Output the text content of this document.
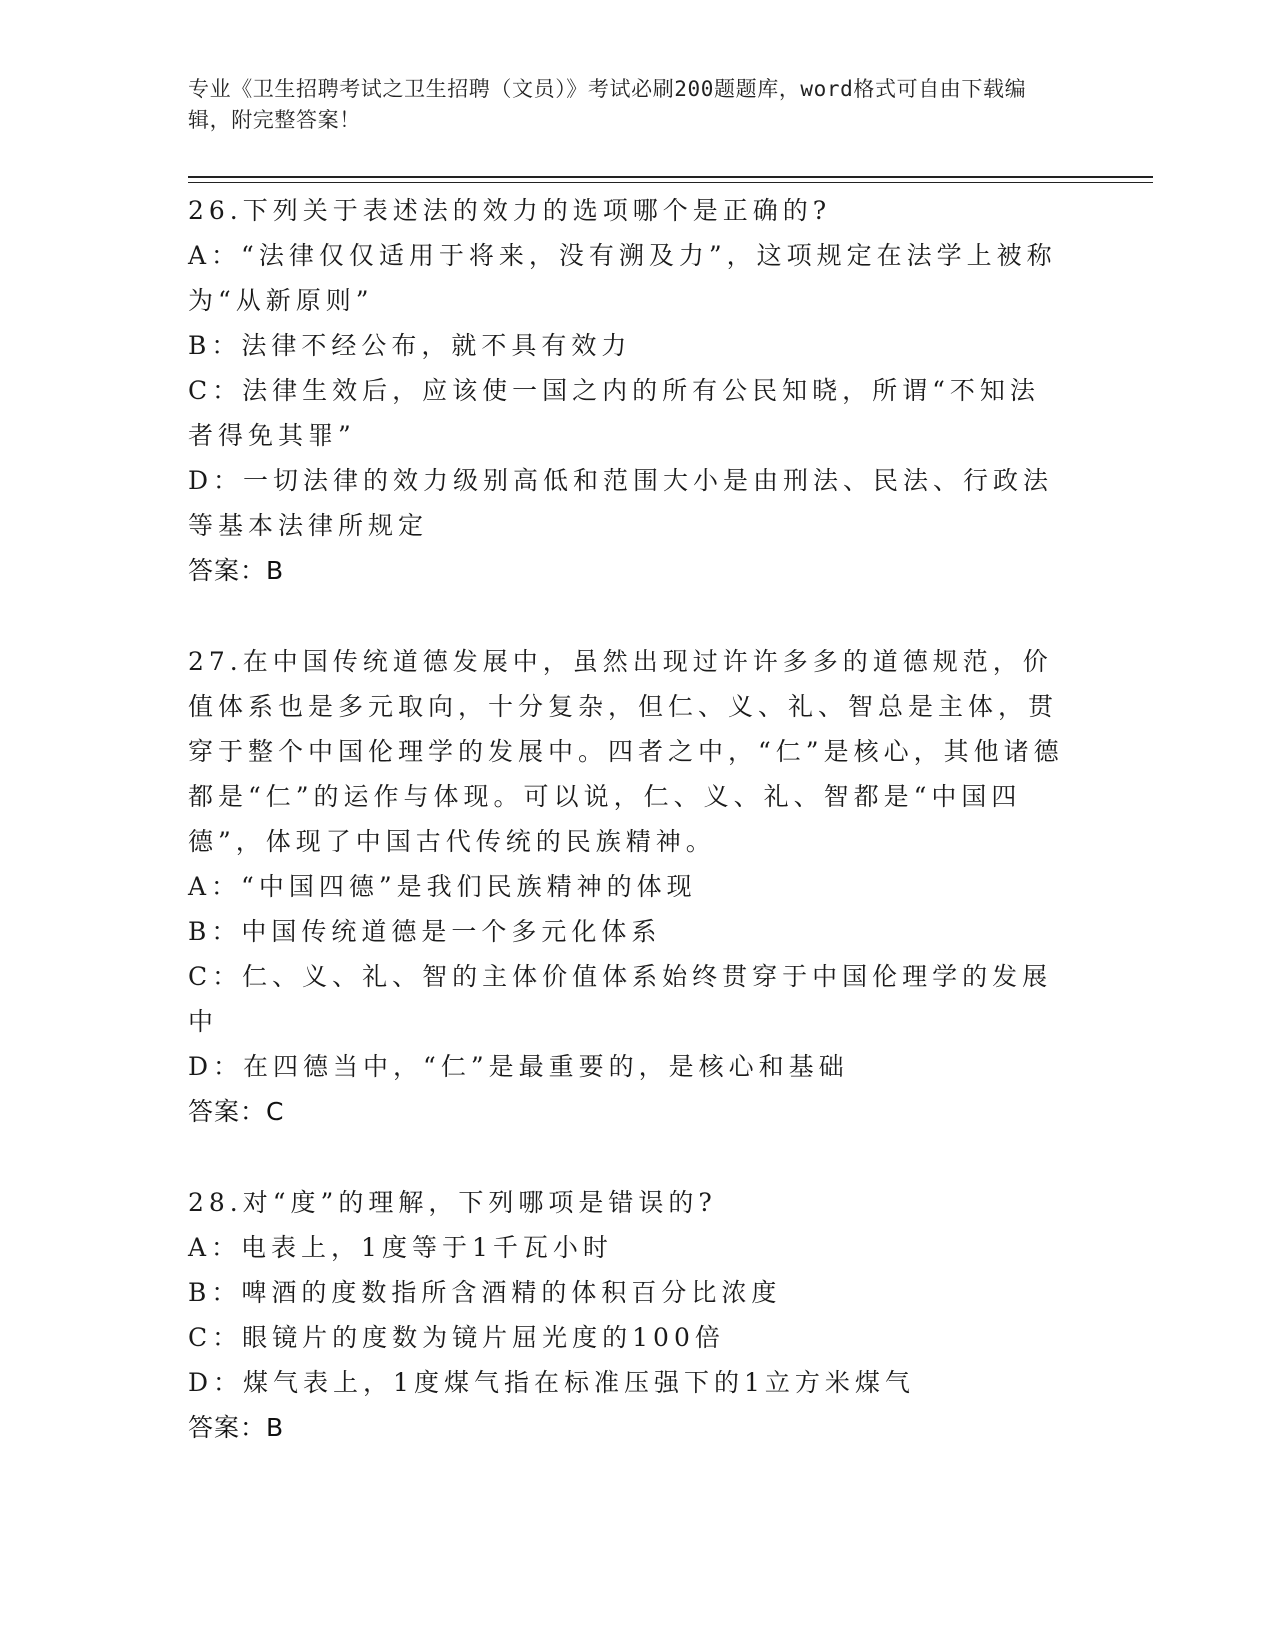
专业《卫生招聘考试之卫生招聘（文员）》考试必刷200题题库，word格式可自由下载编辑，附完整答案！
26.下列关于表述法的效力的选项哪个是正确的?
A：“法律仅仅适用于将来，没有溯及力”，这项规定在法学上被称为“从新原则”
B：法律不经公布，就不具有效力
C：法律生效后，应该使一国之内的所有公民知晓，所谓“不知法者得免其罪”
D：一切法律的效力级别高低和范围大小是由刑法、民法、行政法等基本法律所规定
答案：B
27.在中国传统道德发展中，虽然出现过许许多多的道德规范，价值体系也是多元取向，十分复杂，但仁、义、礼、智总是主体，贯穿于整个中国伦理学的发展中。四者之中，“仁”是核心，其他诸德都是“仁”的运作与体现。可以说，仁、义、礼、智都是“中国四德”，体现了中国古代传统的民族精神。
A：“中国四德”是我们民族精神的体现
B：中国传统道德是一个多元化体系
C：仁、义、礼、智的主体价值体系始终贯穿于中国伦理学的发展中
D：在四德当中，“仁”是最重要的，是核心和基础
答案：C
28.对“度”的理解，下列哪项是错误的?
A：电表上，1度等于1千瓦小时
B：啤酒的度数指所含酒精的体积百分比浓度
C：眼镜片的度数为镜片屈光度的100倍
D：煤气表上，1度煤气指在标准压强下的1立方米煤气
答案：B
